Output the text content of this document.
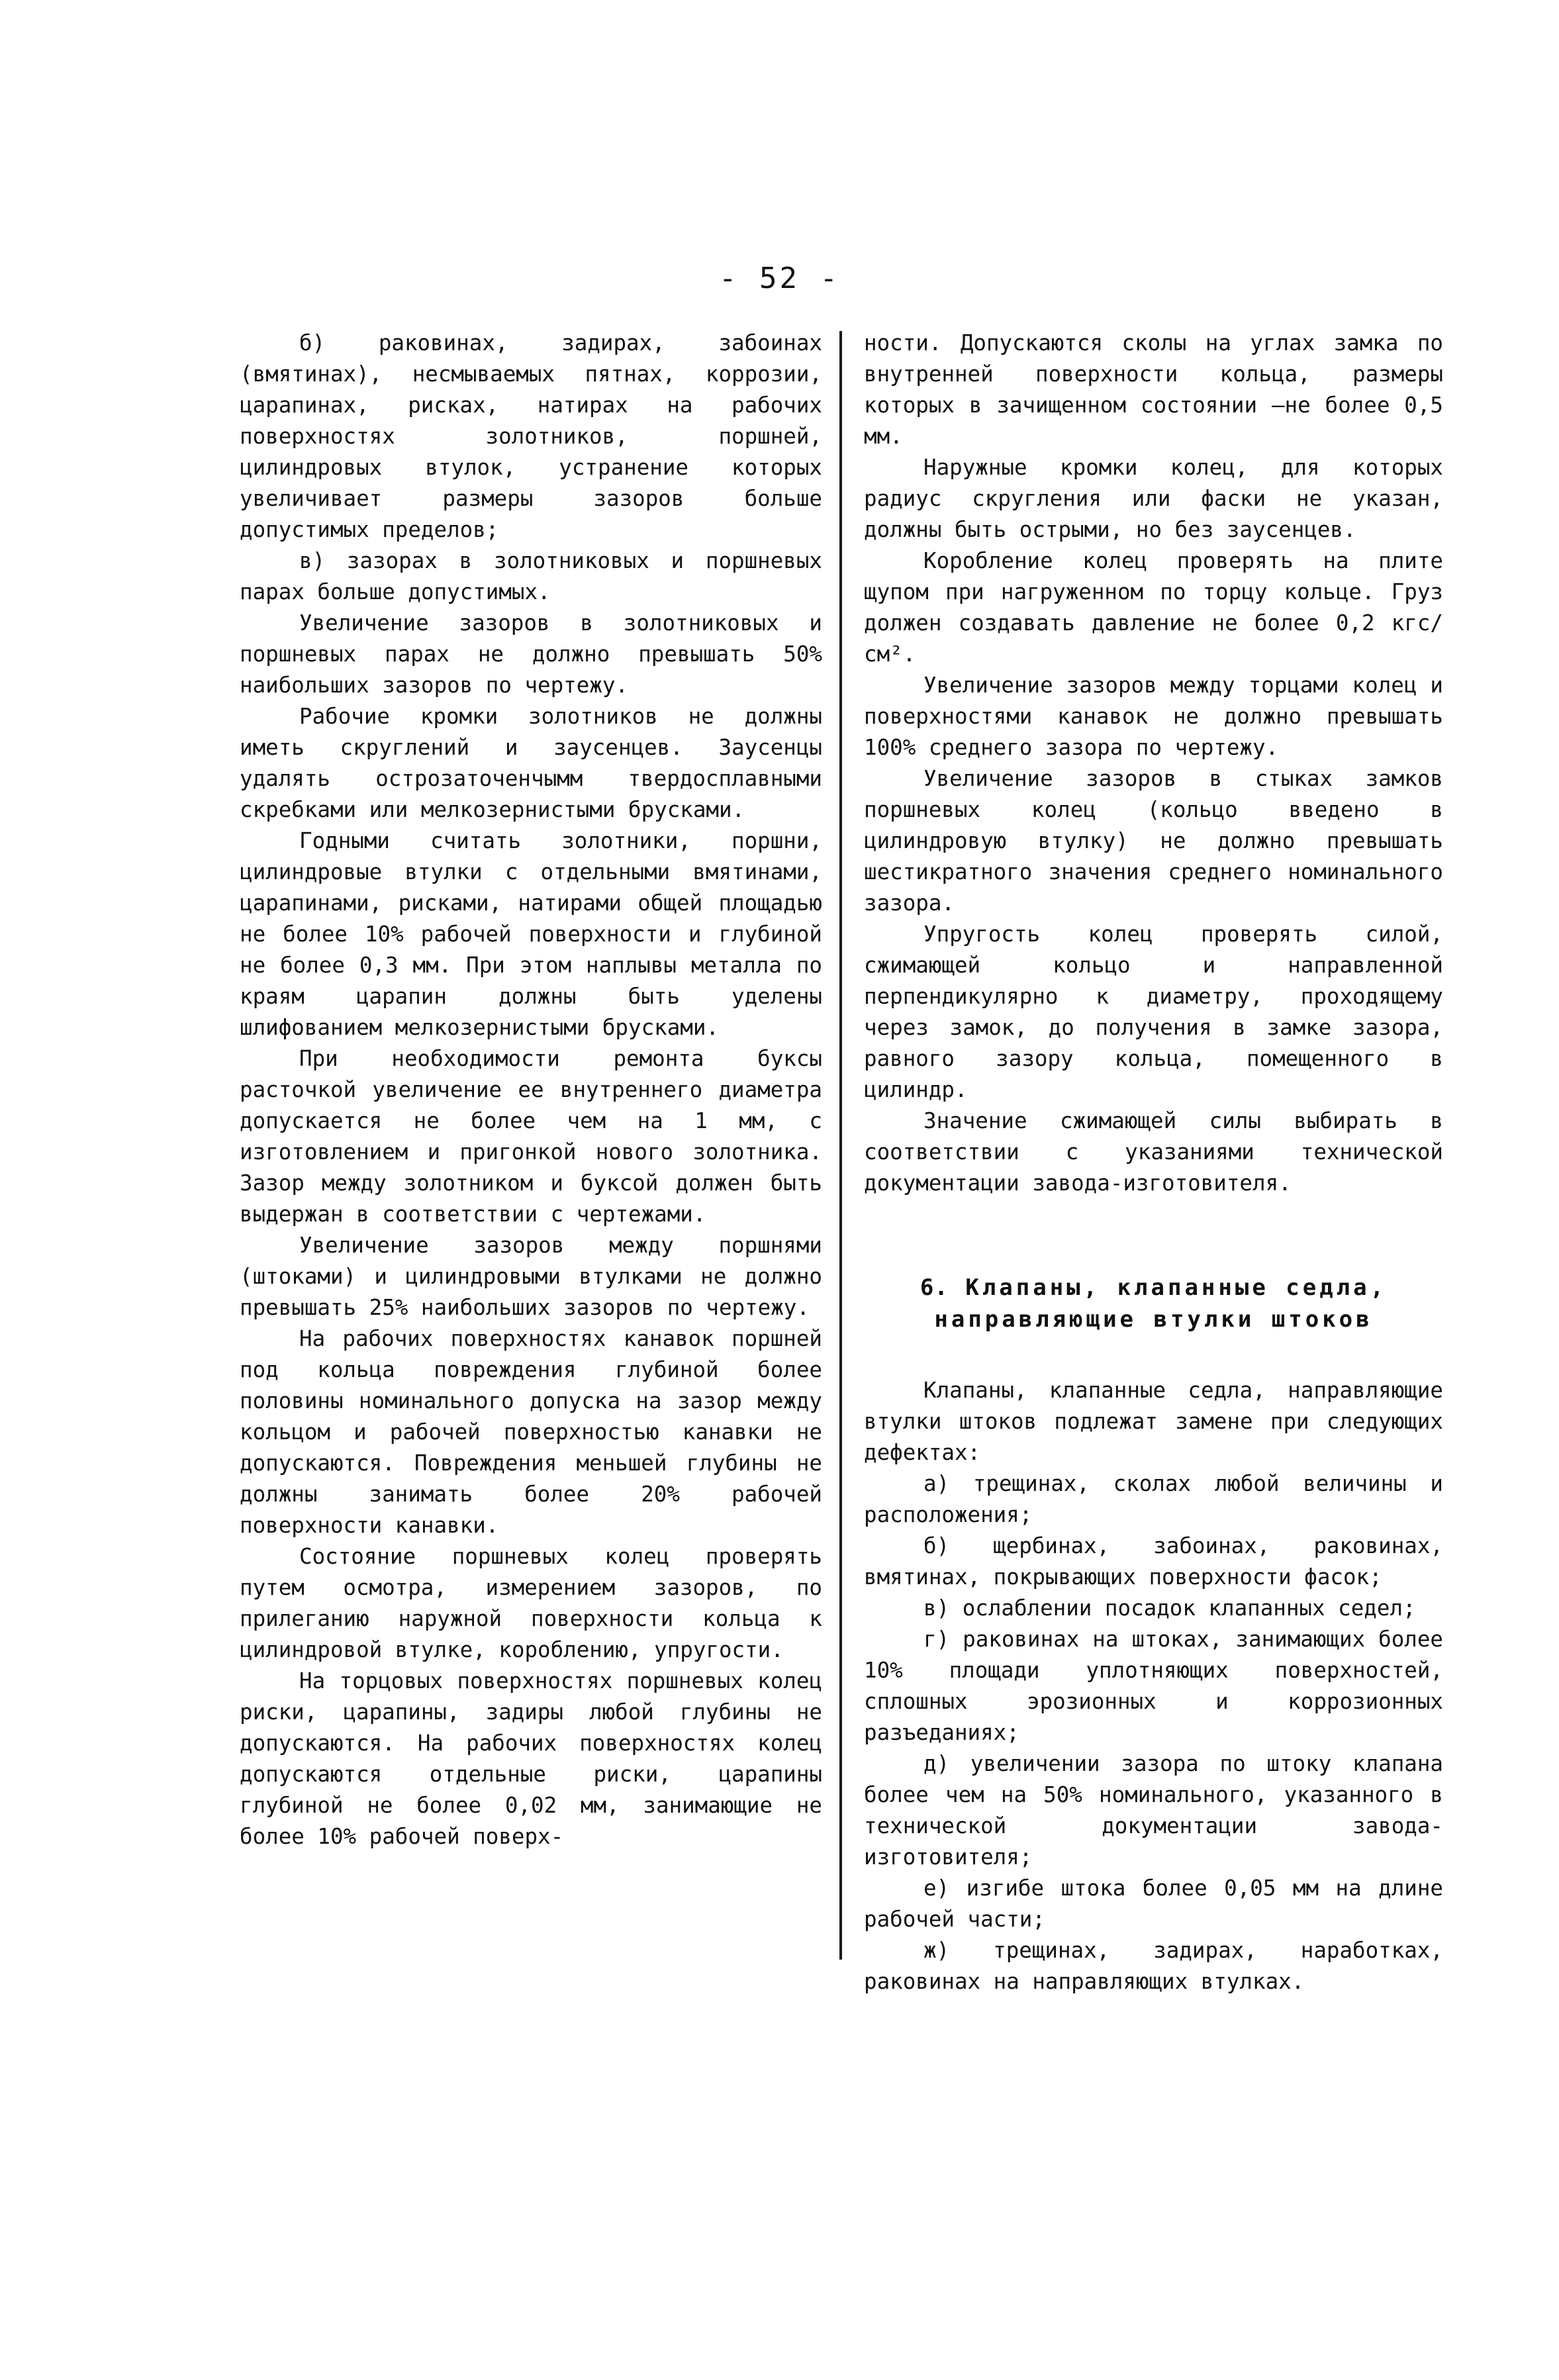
- 52 -

б) раковинах, задирах, забоинах (вмятинах), несмываемых пятнах, коррозии, царапинах, рисках, натирах на рабочих поверхностях золотников, поршней, цилиндровых втулок, устранение которых увеличивает размеры зазоров больше допустимых пределов;

в) зазорах в золотниковых и поршневых парах больше допустимых.

Увеличение зазоров в золотниковых и поршневых парах не должно превышать 50% наибольших зазоров по чертежу.

Рабочие кромки золотников не должны иметь скруглений и заусенцев. Заусенцы удалять острозаточенчымм твердосплавными скребками или мелкозернистыми брусками.

Годными считать золотники, поршни, цилиндровые втулки с отдельными вмятинами, царапинами, рисками, натирами общей площадью не более 10% рабочей поверхности и глубиной не более 0,3 мм. При этом наплывы металла по краям царапин должны быть уделены шлифованием мелкозернистыми брусками.

При необходимости ремонта буксы расточкой увеличение ее внутреннего диаметра допускается не более чем на 1 мм, с изготовлением и пригонкой нового золотника. Зазор между золотником и буксой должен быть выдержан в соответствии с чертежами.

Увеличение зазоров между поршнями (штоками) и цилиндровыми втулками не должно превышать 25% наибольших зазоров по чертежу.

На рабочих поверхностях канавок поршней под кольца повреждения глубиной более половины номинального допуска на зазор между кольцом и рабочей поверхностью канавки не допускаются. Повреждения меньшей глубины не должны занимать более 20% рабочей поверхности канавки.

Состояние поршневых колец проверять путем осмотра, измерением зазоров, по прилеганию наружной поверхности кольца к цилиндровой втулке, короблению, упругости.

На торцовых поверхностях поршневых колец риски, царапины, задиры любой глубины не допускаются. На рабочих поверхностях колец допускаются отдельные риски, царапины глубиной не более 0,02 мм, занимающие не более 10% рабочей поверх-

ности. Допускаются сколы на углах замка по внутренней поверхности кольца, размеры которых в зачищенном состоянии —не более 0,5 мм.

Наружные кромки колец, для которых радиус скругления или фаски не указан, должны быть острыми, но без заусенцев.

Коробление колец проверять на плите щупом при нагруженном по торцу кольце. Груз должен создавать давление не более 0,2 кгс/см².

Увеличение зазоров между торцами колец и поверхностями канавок не должно превышать 100% среднего зазора по чертежу.

Увеличение зазоров в стыках замков поршневых колец (кольцо введено в цилиндровую втулку) не должно превышать шестикратного значения среднего номинального зазора.

Упругость колец проверять силой, сжимающей кольцо и направленной перпендикулярно к диаметру, проходящему через замок, до получения в замке зазора, равного зазору кольца, помещенного в цилиндр.

Значение сжимающей силы выбирать в соответствии с указаниями технической документации завода-изготовителя.

6. Клапаны, клапанные седла,
направляющие втулки штоков

Клапаны, клапанные седла, направляющие втулки штоков подлежат замене при следующих дефектах:

а) трещинах, сколах любой величины и расположения;

б) щербинах, забоинах, раковинах, вмятинах, покрывающих поверхности фасок;

в) ослаблении посадок клапанных седел;

г) раковинах на штоках, занимающих более 10% площади уплотняющих поверхностей, сплошных эрозионных и коррозионных разъеданиях;

д) увеличении зазора по штоку клапана более чем на 50% номинального, указанного в технической документации завода-изготовителя;

е) изгибе штока более 0,05 мм на длине рабочей части;

ж) трещинах, задирах, наработках, раковинах на направляющих втулках.
